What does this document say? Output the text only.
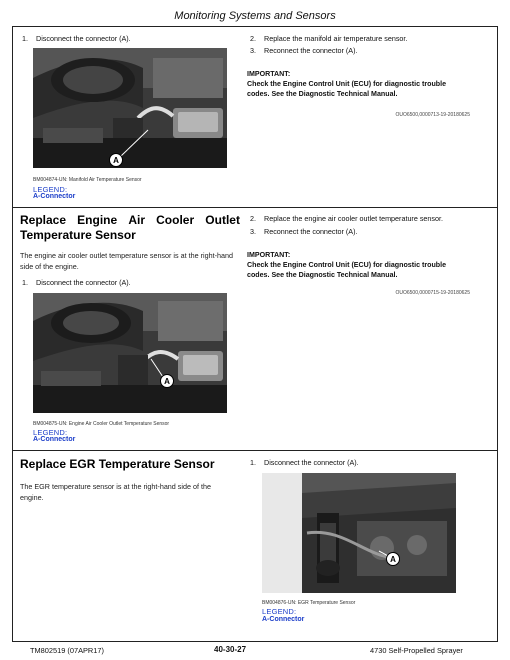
Monitoring Systems and Sensors
1. Disconnect the connector (A).
A
BM004874-UN: Manifold Air Temperature Sensor
LEGEND:
A-Connector
2. Replace the manifold air temperature sensor.
3. Reconnect the connector (A).
IMPORTANT:
Check the Engine Control Unit (ECU) for diagnostic trouble
codes. See the Diagnostic Technical Manual.
OUO6500,0000713-19-20180625
Replace Engine Air Cooler Outlet
Temperature Sensor
The engine air cooler outlet temperature sensor is at the right-hand
side of the engine.
1. Disconnect the connector (A).
A
BM004875-UN: Engine Air Cooler Outlet Temperature Sensor
LEGEND:
A-Connector
2. Replace the engine air cooler outlet temperature sensor.
3. Reconnect the connector (A).
IMPORTANT:
Check the Engine Control Unit (ECU) for diagnostic trouble
codes. See the Diagnostic Technical Manual.
OUO6500,0000715-19-20180625
Replace EGR Temperature Sensor
The EGR temperature sensor is at the right-hand side of the
engine.
1. Disconnect the connector (A).
A
BM004876-UN: EGR Temperature Sensor
LEGEND:
A-Connector
TM802519 (07APR17)	40-30-27	4730 Self-Propelled Sprayer
